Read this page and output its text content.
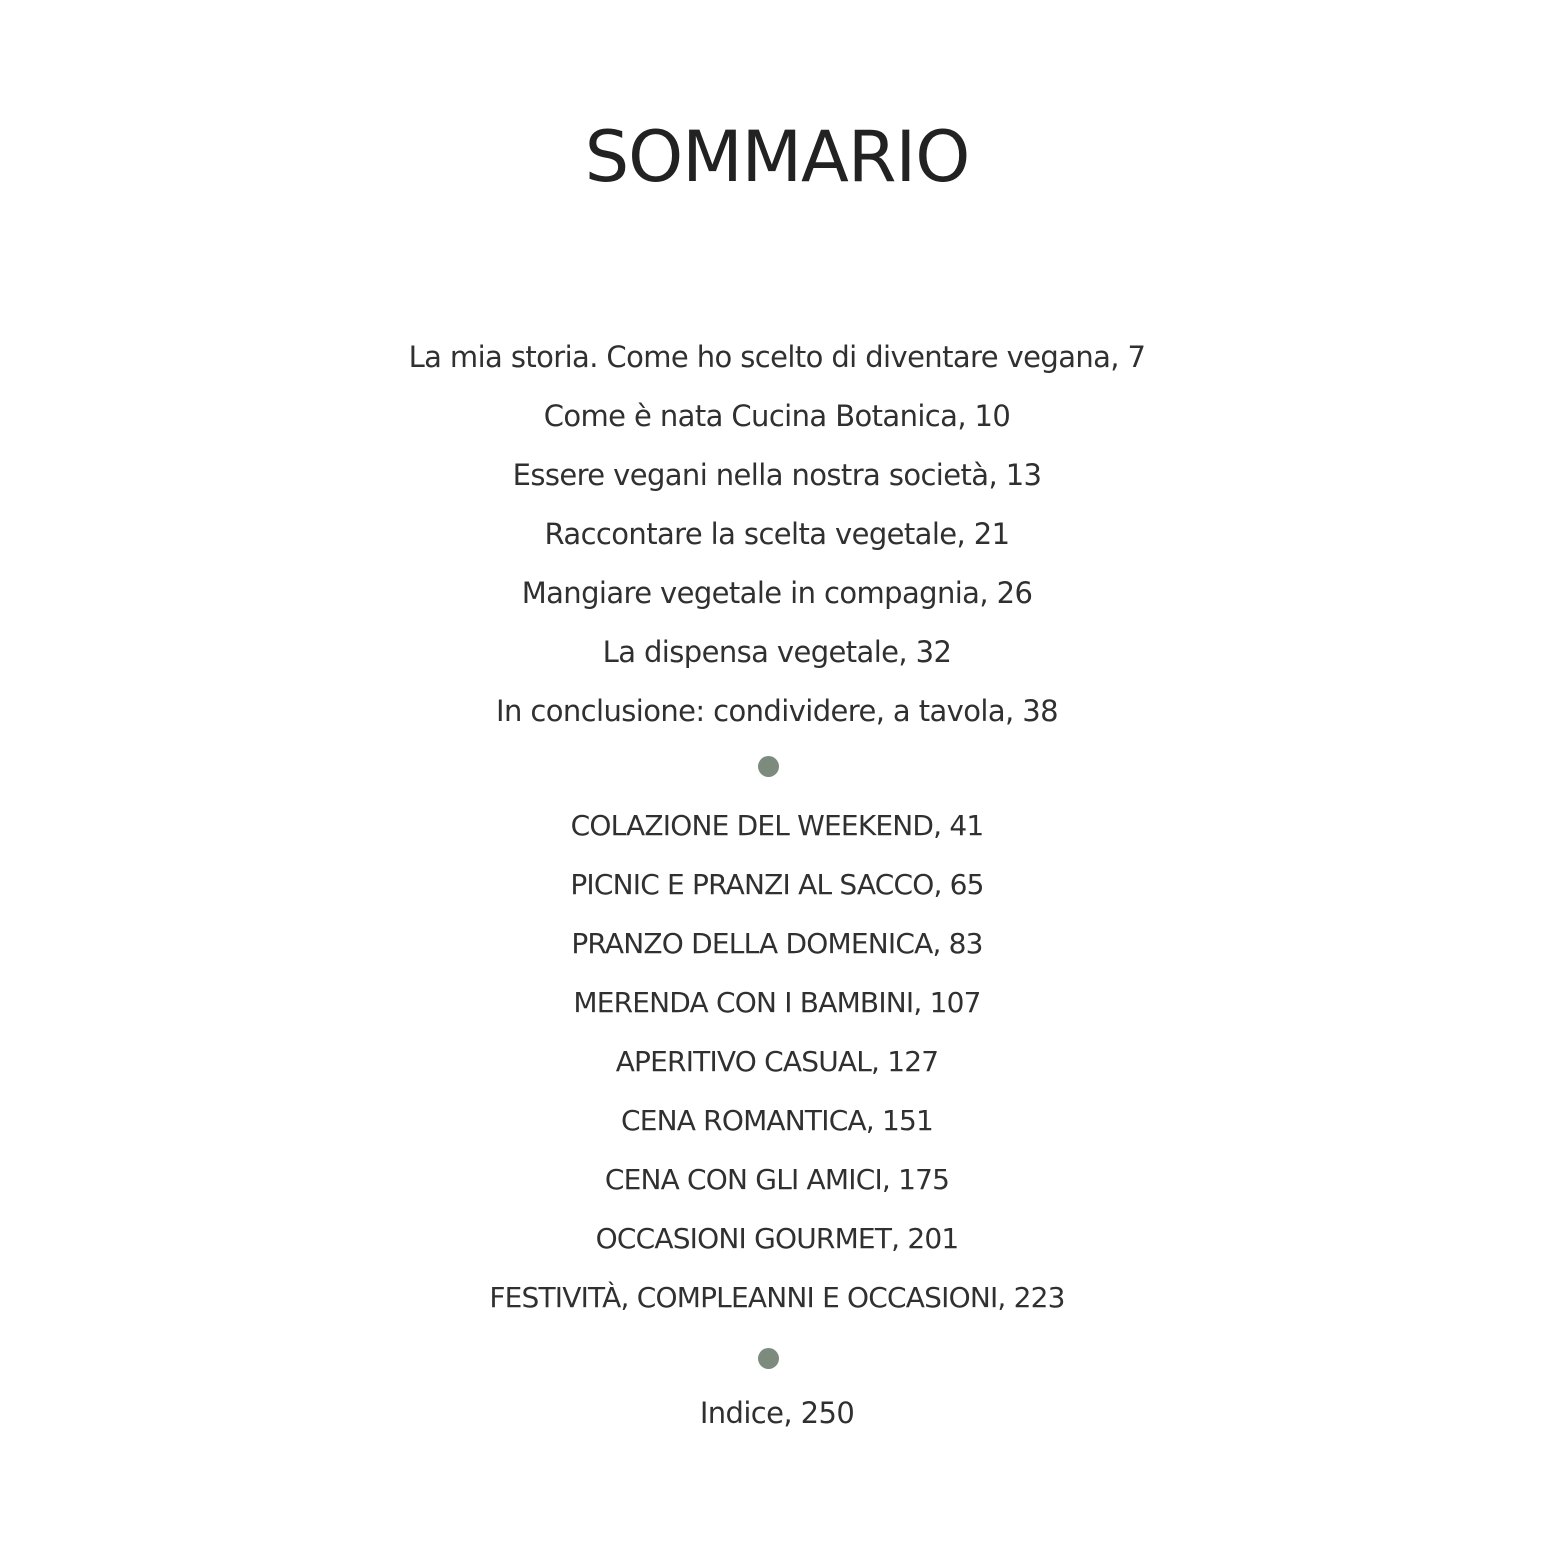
SOMMARIO
La mia storia. Come ho scelto di diventare vegana, 7
Come è nata Cucina Botanica, 10
Essere vegani nella nostra società, 13
Raccontare la scelta vegetale, 21
Mangiare vegetale in compagnia, 26
La dispensa vegetale, 32
In conclusione: condividere, a tavola, 38
COLAZIONE DEL WEEKEND, 41
PICNIC E PRANZI AL SACCO, 65
PRANZO DELLA DOMENICA, 83
MERENDA CON I BAMBINI, 107
APERITIVO CASUAL, 127
CENA ROMANTICA, 151
CENA CON GLI AMICI, 175
OCCASIONI GOURMET, 201
FESTIVITÀ, COMPLEANNI E OCCASIONI, 223
Indice, 250
